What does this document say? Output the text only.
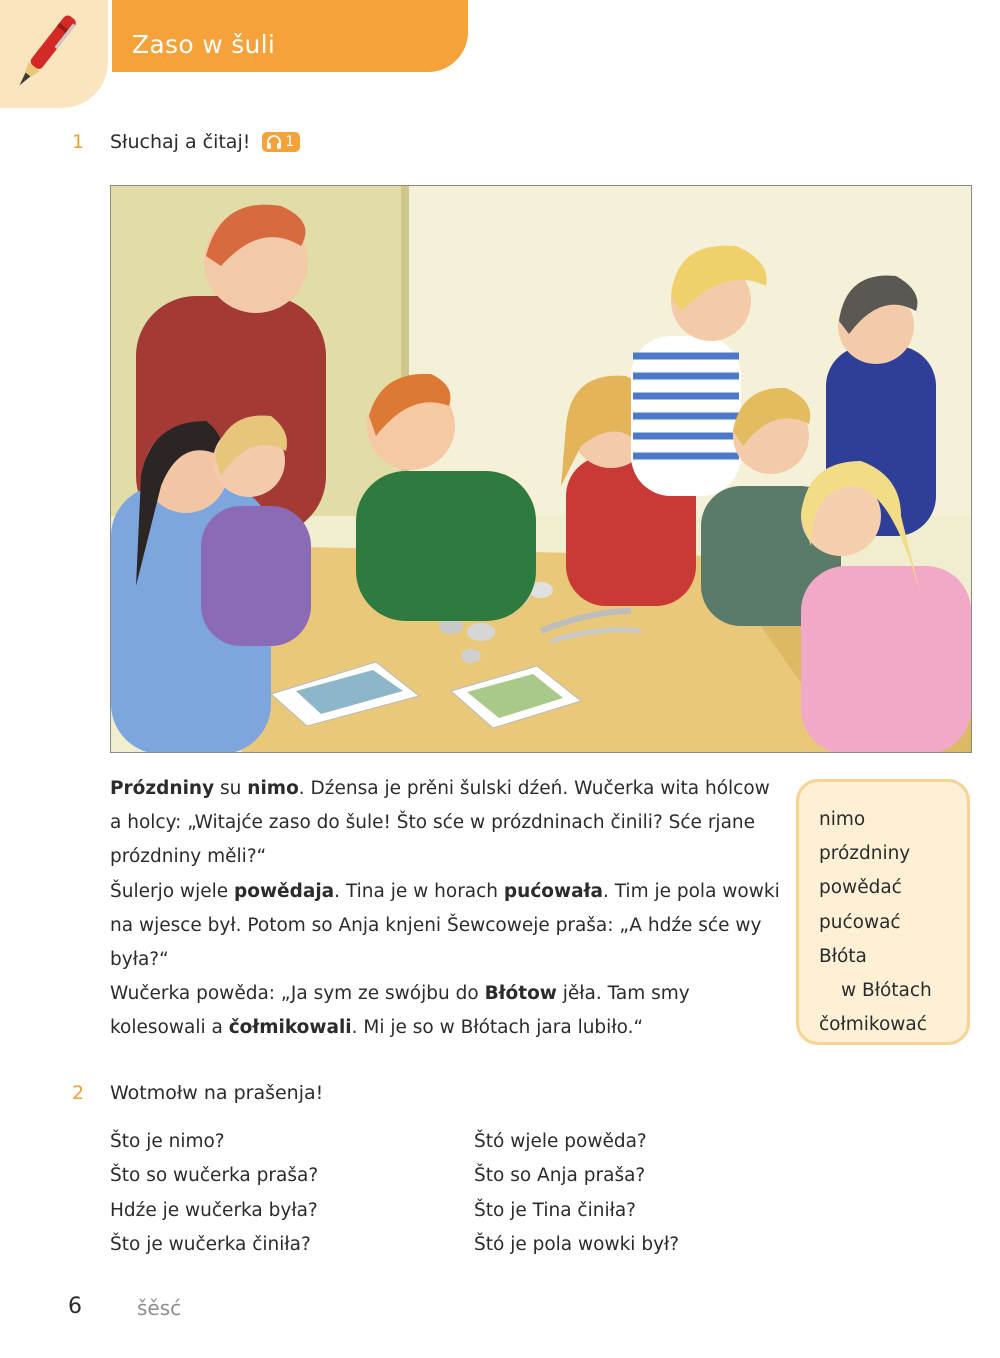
Zaso w šuli
1 Słuchaj a čitaj!	1

Prózdniny su nimo. Dźensa je prěni šulski dźeń. Wučerka wita hólcow a holcy: „Witajće zaso do šule! Što sće w prózdninach činili? Sće rjane prózdniny měli?“

Šulerjo wjele powědaja. Tina je w horach pućowała. Tim je pola wowki na wjesce był. Potom so Anja knjeni Šewcoweje praša: „A hdźe sće wy była?“

Wučerka powěda: „Ja sym ze swójbu do Błótow jěła. Tam smy kolesowali a čołmikowali. Mi je so w Błótach jara lubiło.“

nimo
prózdniny
powědać
pućować
Błóta
w Błótach
čołmikować
2 Wotmołw na prašenja!
Što je nimo?
Što so wučerka praša?
Hdźe je wučerka była?
Što je wučerka činiła?
Štó wjele powěda?
Što so Anja praša?
Što je Tina činiła?
Štó je pola wowki był?
6	šěsć
